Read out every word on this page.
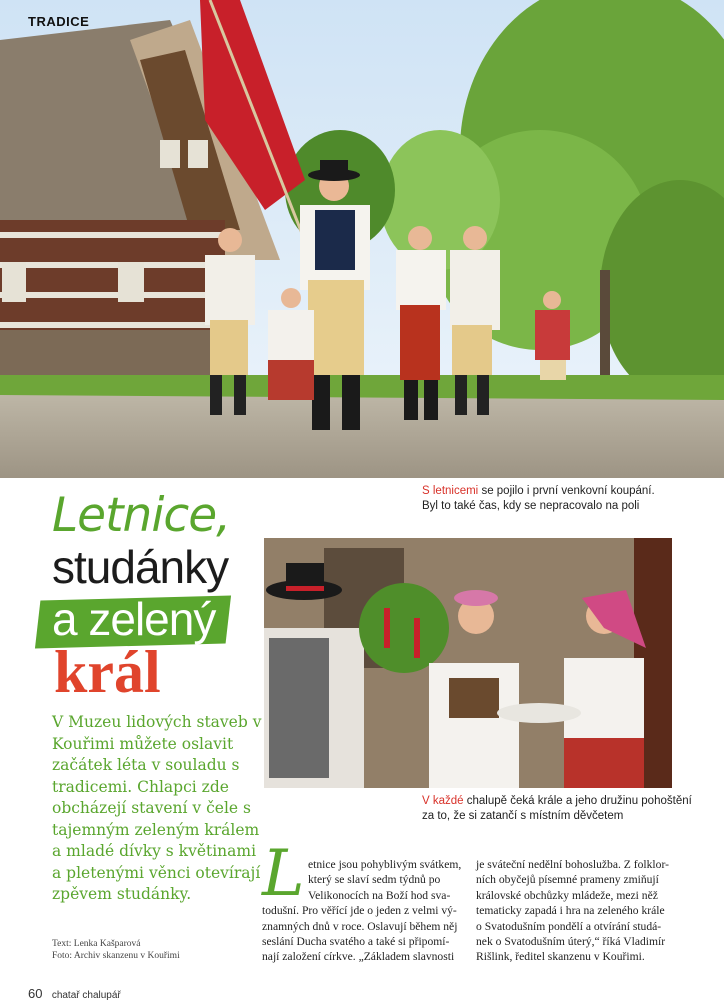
TRADICE
S letnicemi se pojilo i první venkovní koupání.
Byl to také čas, kdy se nepracovalo na poli
Letnice,
studánky
a zelený
král
V Muzeu lidových staveb v Kouřimi můžete oslavit začátek léta v souladu s tradicemi. Chlapci zde obcházejí stavení v čele s tajemným zeleným králem a mladé dívky s květinami a pletenými věnci otevírají zpěvem studánky.
Text: Lenka Kašparová
Foto: Archiv skanzenu v Kouřimi
V každé chalupě čeká krále a jeho družinu pohoštění
za to, že si zatančí s místním děvčetem
L etnice jsou pohyblivým svátkem,
který se slaví sedm týdnů po
Velikonocích na Boží hod sva-
todušní. Pro věřící jde o jeden z velmi vý-
znamných dnů v roce. Oslavují během něj
seslání Ducha svatého a také si připomí-
nají založení církve. „Základem slavnosti
je sváteční nedělní bohoslužba. Z folklor-
ních obyčejů písemné prameny zmiňují
královské obchůzky mládeže, mezi něž
tematicky zapadá i hra na zeleného krále
o Svatodušním pondělí a otvírání studá-
nek o Svatodušním úterý,“ říká Vladimír
Rišlink, ředitel skanzenu v Kouřimi.
60 chatař chalupář
